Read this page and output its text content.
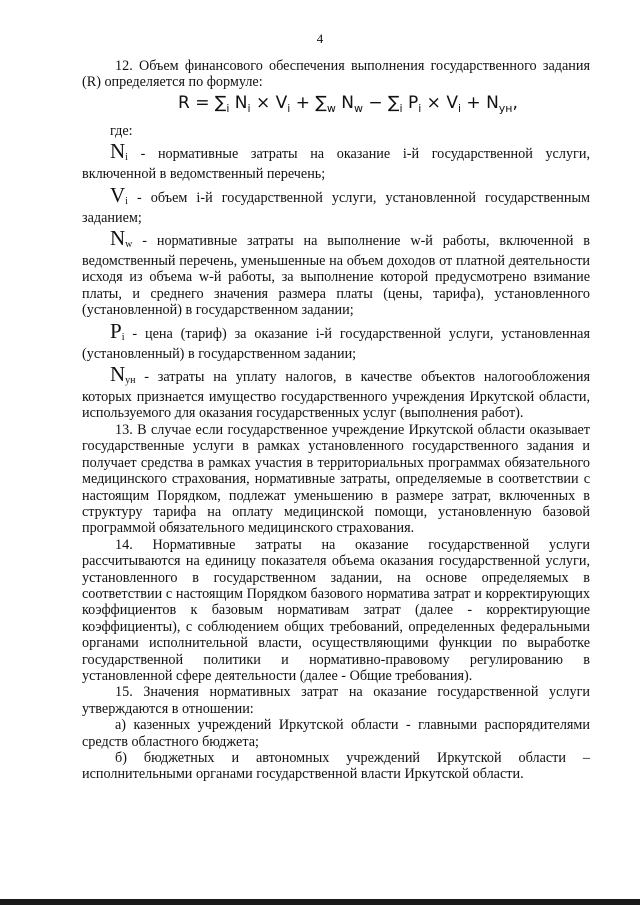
4

12. Объем финансового обеспечения выполнения государственного задания (R) определяется по формуле:

$R = \sum_i$ $N_i \times V_i + \sum_w$ $N_w - \sum_i$ $P_i \times V_i + N_{ун}$,

где:

$N_i$ - нормативные затраты на оказание i-й государственной услуги, включенной в ведомственный перечень;

$V_i$ - объем i-й государственной услуги, установленной государственным заданием;

$N_w$ - нормативные затраты на выполнение w-й работы, включенной в ведомственный перечень, уменьшенные на объем доходов от платной деятельности исходя из объема w-й работы, за выполнение которой предусмотрено взимание платы, и среднего значения размера платы (цены, тарифа), установленного (установленной) в государственном задании;

$P_i$ - цена (тариф) за оказание i-й государственной услуги, установленная (установленный) в государственном задании;

$N_{ун}$ - затраты на уплату налогов, в качестве объектов налогообложения которых признается имущество государственного учреждения Иркутской области, используемого для оказания государственных услуг (выполнения работ).

13. В случае если государственное учреждение Иркутской области оказывает государственные услуги в рамках установленного государственного задания и получает средства в рамках участия в территориальных программах обязательного медицинского страхования, нормативные затраты, определяемые в соответствии с настоящим Порядком, подлежат уменьшению в размере затрат, включенных в структуру тарифа на оплату медицинской помощи, установленную базовой программой обязательного медицинского страхования.

14. Нормативные затраты на оказание государственной услуги рассчитываются на единицу показателя объема оказания государственной услуги, установленного в государственном задании, на основе определяемых в соответствии с настоящим Порядком базового норматива затрат и корректирующих коэффициентов к базовым нормативам затрат (далее - корректирующие коэффициенты), с соблюдением общих требований, определенных федеральными органами исполнительной власти, осуществляющими функции по выработке государственной политики и нормативно-правовому регулированию в установленной сфере деятельности (далее - Общие требования).

15. Значения нормативных затрат на оказание государственной услуги утверждаются в отношении:

а) казенных учреждений Иркутской области - главными распорядителями средств областного бюджета;

б) бюджетных и автономных учреждений Иркутской области – исполнительными органами государственной власти Иркутской области.
